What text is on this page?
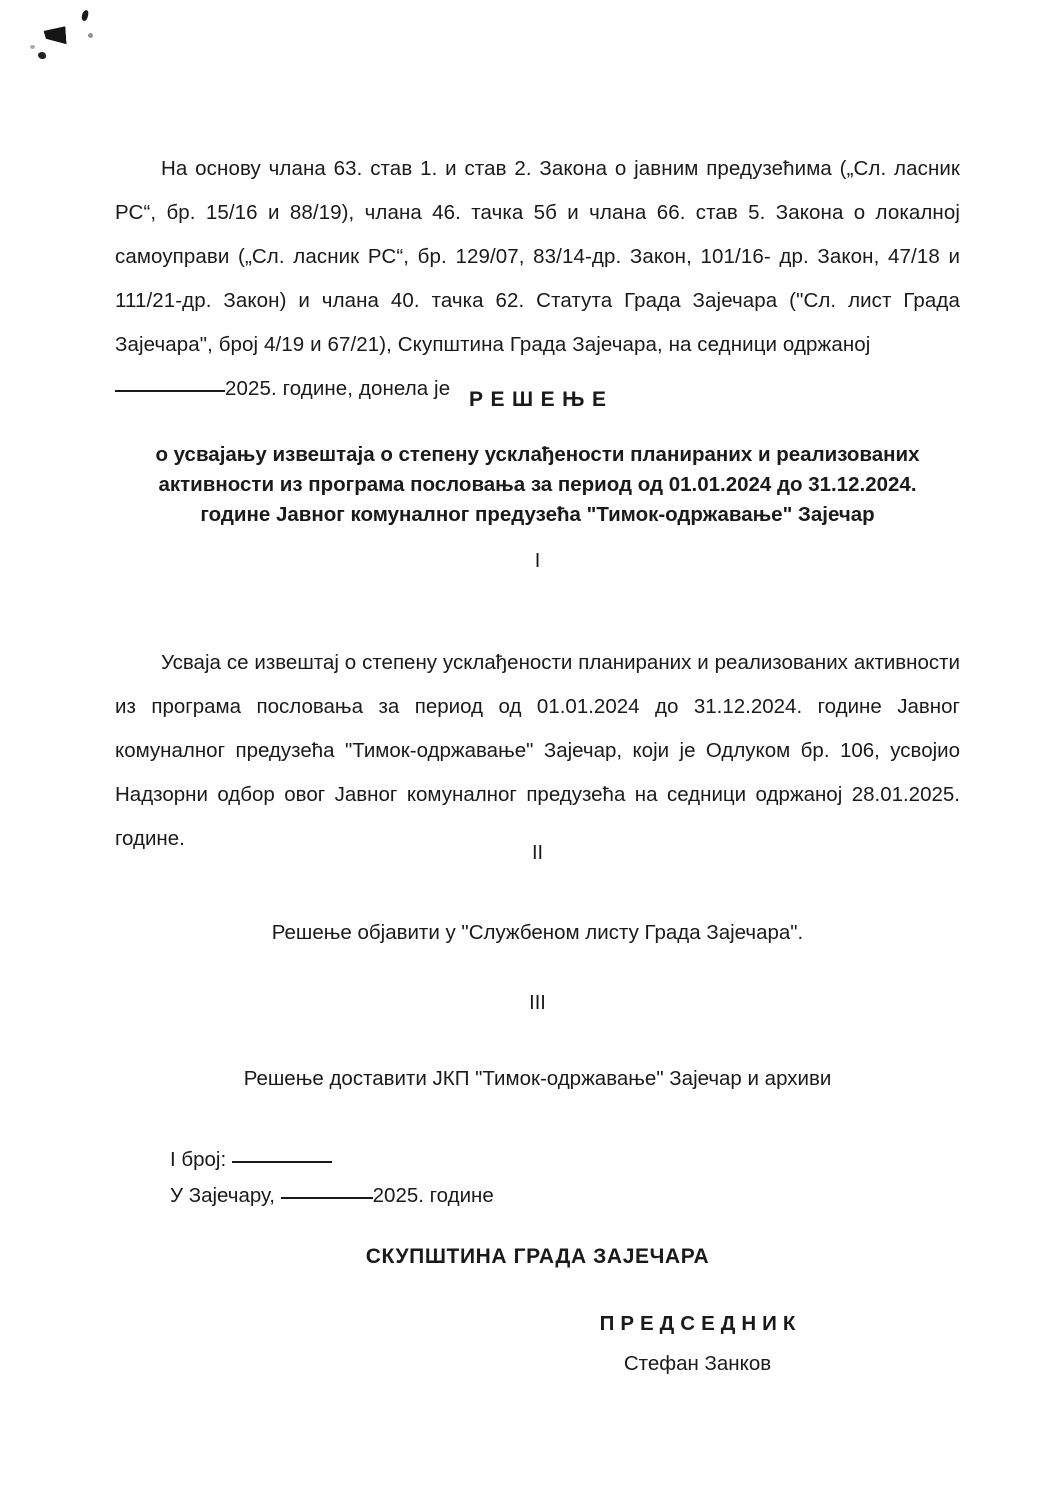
На основу члана 63. став 1. и став 2. Закона о јавним предузећима („Сл. ласник РС“, бр. 15/16 и 88/19), члана 46. тачка 5б и члана 66. став 5. Закона о локалној самоуправи („Сл. ласник РС“, бр. 129/07, 83/14-др. Закон, 101/16- др. Закон, 47/18 и 111/21-др. Закон) и члана 40. тачка 62. Статута Града Зајечара ("Сл. лист Града Зајечара", број 4/19 и 67/21), Скупштина Града Зајечара, на седници одржаној
2025. године, донела је РЕШЕЊЕ
о усвајању извештаја о степену усклађености планираних и реализованих
активности из програма пословања за период од 01.01.2024 до 31.12.2024.
године Јавног комуналног предузећа "Тимок-одржавање" Зајечар
I

Усваја се извештај о степену усклађености планираних и реализованих активности из програма пословања за период од 01.01.2024 до 31.12.2024. године Јавног комуналног предузећа "Тимок-одржавање" Зајечар, који је Одлуком бр. 106, усвојио Надзорни одбор овог Јавног комуналног предузећа на седници одржаној 28.01.2025. године.

II
Решење објавити у "Службеном листу Града Зајечара".
III
Решење доставити ЈКП "Тимок-одржавање" Зајечар и архиви
I број:
У Зајечару,	2025. године
СКУПШТИНА ГРАДА ЗАЈЕЧАРА
ПРЕДСЕДНИК
Стефан Занков
